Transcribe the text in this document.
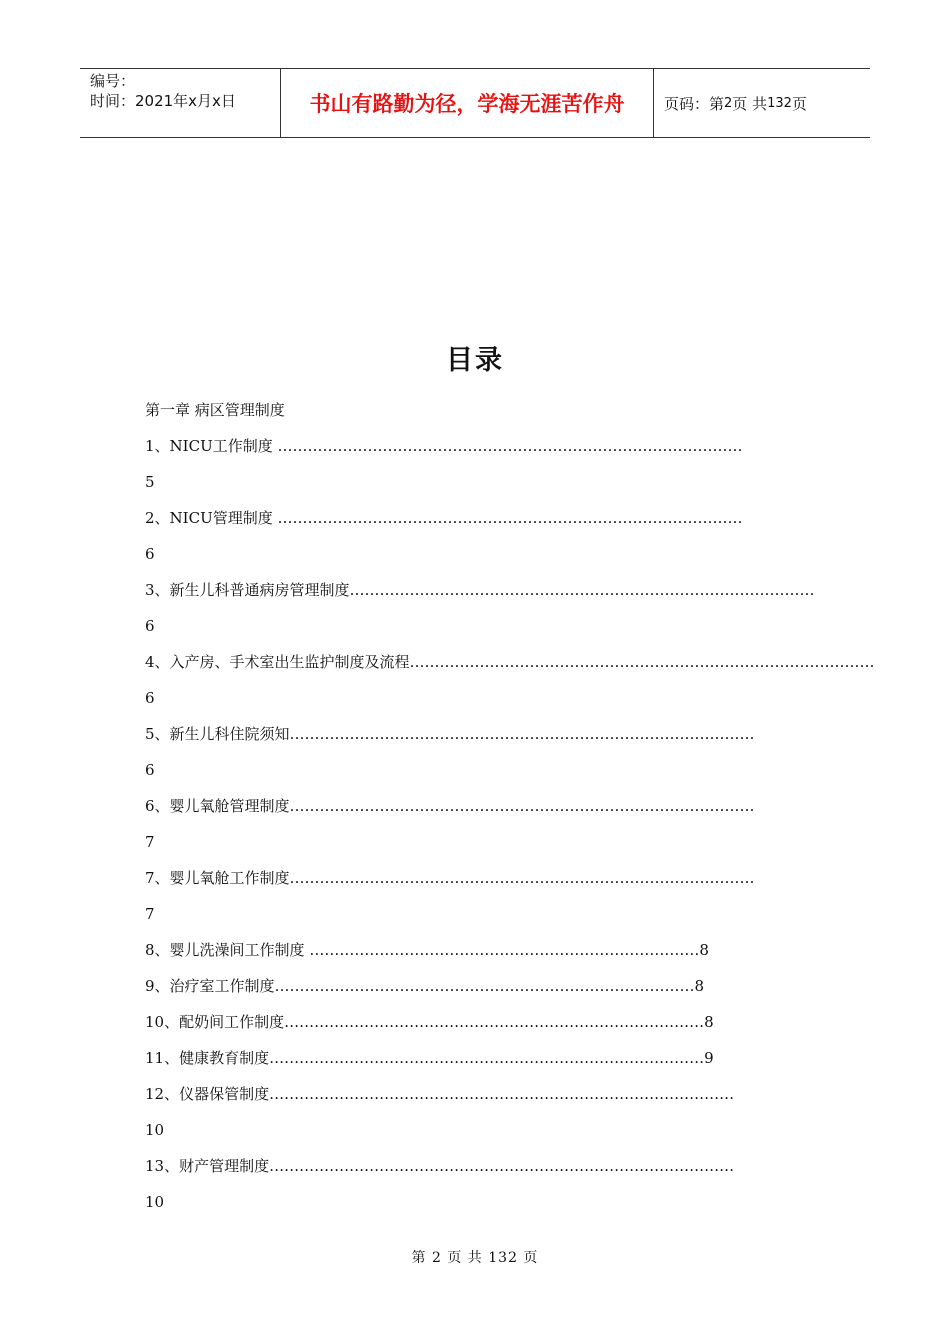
编号：
时间：2021年x月x日	书山有路勤为径，学海无涯苦作舟	页码：第 2 页 共 132 页
目录
第一章 病区管理制度
1、NICU工作制度 …………………………………………………………………………………
5
2、NICU管理制度 …………………………………………………………………………………
6
3、新生儿科普通病房管理制度…………………………………………………………………………………
6
4、入产房、手术室出生监护制度及流程…………………………………………………………………………………
6
5、新生儿科住院须知…………………………………………………………………………………
6
6、婴儿氧舱管理制度…………………………………………………………………………………
7
7、婴儿氧舱工作制度…………………………………………………………………………………
7
8、婴儿洗澡间工作制度 ……………………………………………………………………8
9、治疗室工作制度…………………………………………………………………………8
10、配奶间工作制度…………………………………………………………………………8
11、健康教育制度……………………………………………………………………………9
12、仪器保管制度…………………………………………………………………………………
10
13、财产管理制度…………………………………………………………………………………
10
第 2 页 共 132 页
